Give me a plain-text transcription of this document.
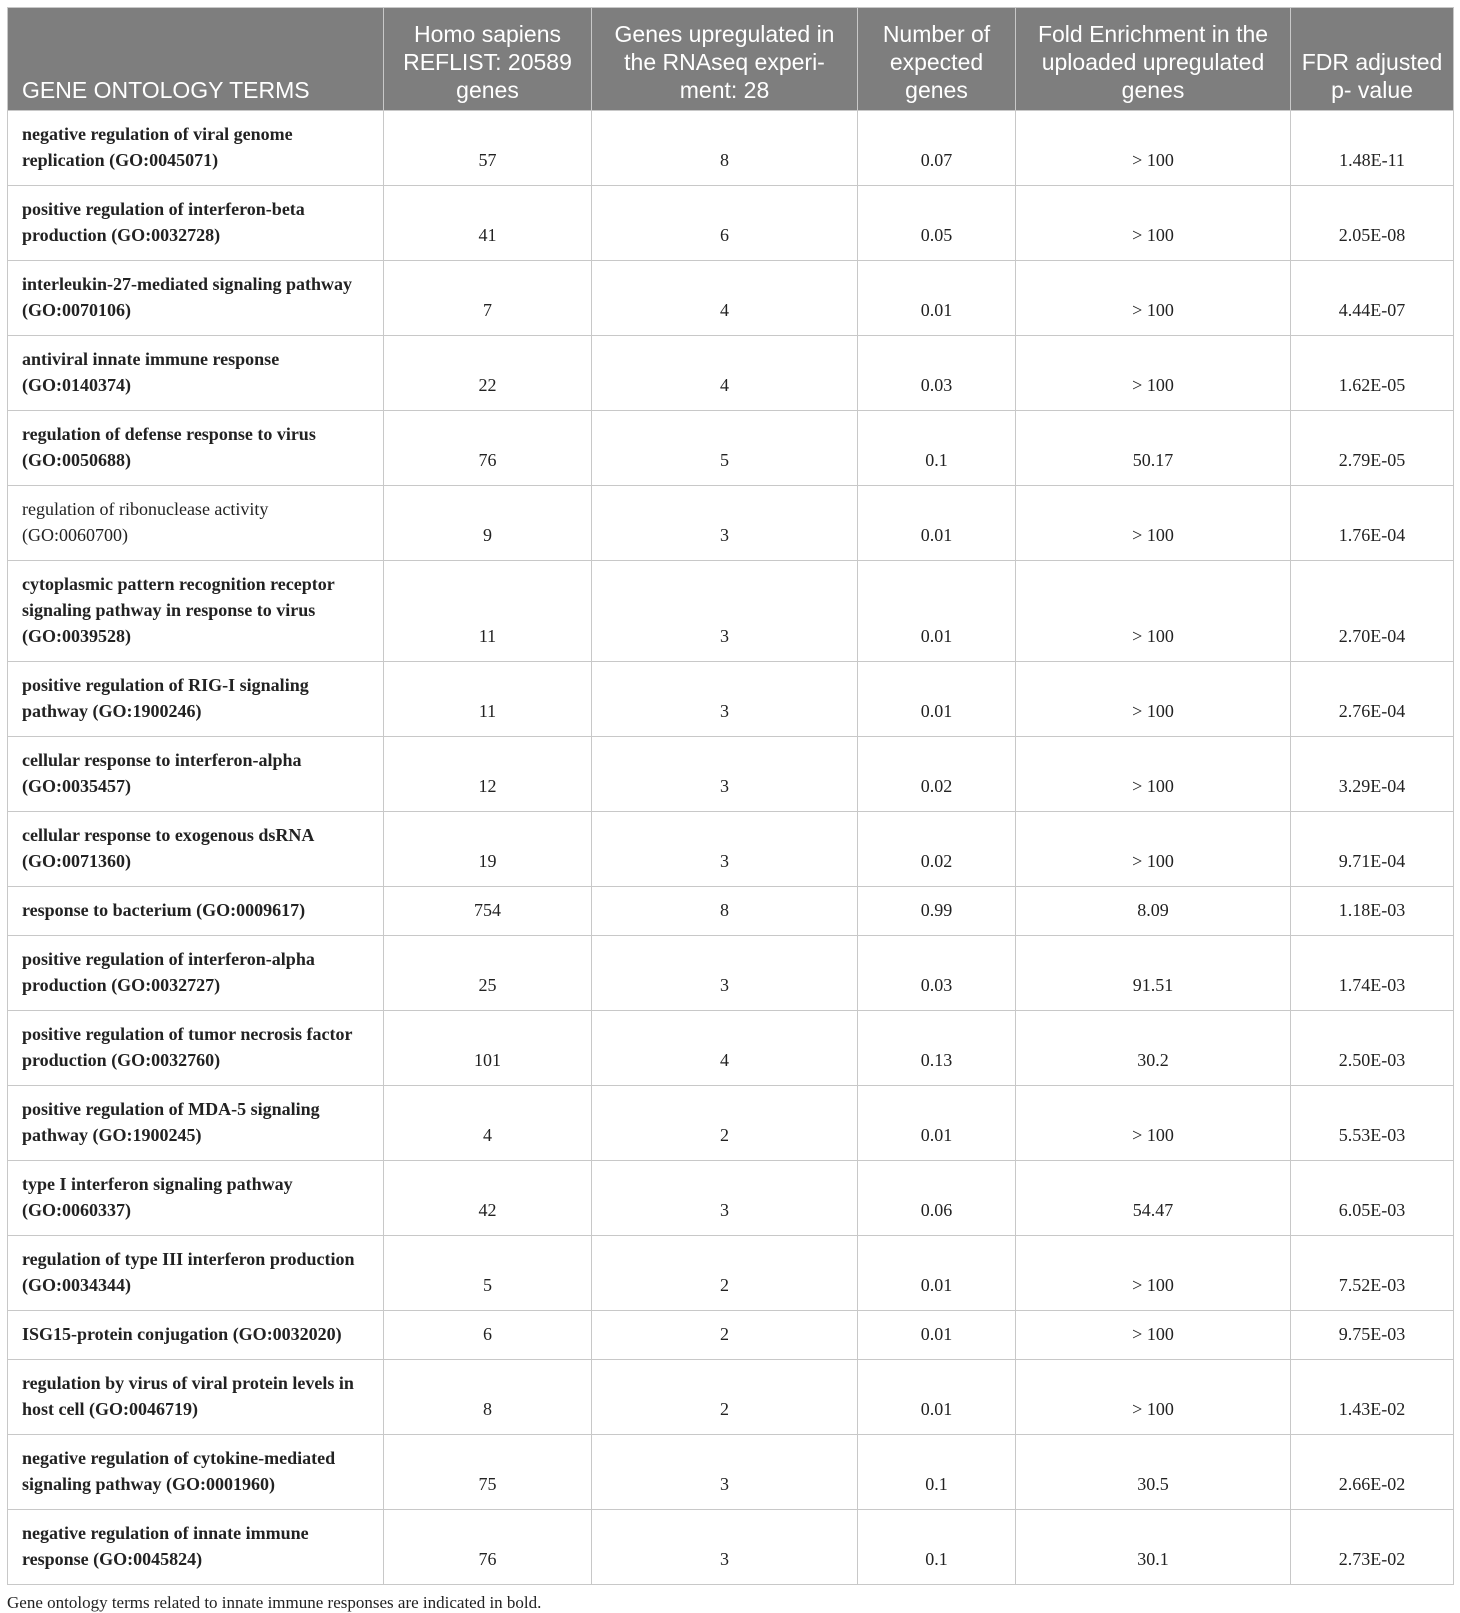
GENE ONTOLOGY TERMS	Homo sapiens REFLIST: 20589 genes	Genes upregulated in the RNAseq experi-ment: 28	Number of expected genes	Fold Enrichment in the uploaded upregulated genes	FDR adjusted p- value
negative regulation of viral genome replication (GO:0045071)	57	8	0.07	> 100	1.48E-11
positive regulation of interferon-beta production (GO:0032728)	41	6	0.05	> 100	2.05E-08
interleukin-27-mediated signaling pathway (GO:0070106)	7	4	0.01	> 100	4.44E-07
antiviral innate immune response (GO:0140374)	22	4	0.03	> 100	1.62E-05
regulation of defense response to virus (GO:0050688)	76	5	0.1	50.17	2.79E-05
regulation of ribonuclease activity (GO:0060700)	9	3	0.01	> 100	1.76E-04
cytoplasmic pattern recognition receptor signaling pathway in response to virus (GO:0039528)	11	3	0.01	> 100	2.70E-04
positive regulation of RIG-I signaling pathway (GO:1900246)	11	3	0.01	> 100	2.76E-04
cellular response to interferon-alpha (GO:0035457)	12	3	0.02	> 100	3.29E-04
cellular response to exogenous dsRNA (GO:0071360)	19	3	0.02	> 100	9.71E-04
response to bacterium (GO:0009617)	754	8	0.99	8.09	1.18E-03
positive regulation of interferon-alpha production (GO:0032727)	25	3	0.03	91.51	1.74E-03
positive regulation of tumor necrosis factor production (GO:0032760)	101	4	0.13	30.2	2.50E-03
positive regulation of MDA-5 signaling pathway (GO:1900245)	4	2	0.01	> 100	5.53E-03
type I interferon signaling pathway (GO:0060337)	42	3	0.06	54.47	6.05E-03
regulation of type III interferon production (GO:0034344)	5	2	0.01	> 100	7.52E-03
ISG15-protein conjugation (GO:0032020)	6	2	0.01	> 100	9.75E-03
regulation by virus of viral protein levels in host cell (GO:0046719)	8	2	0.01	> 100	1.43E-02
negative regulation of cytokine-mediated signaling pathway (GO:0001960)	75	3	0.1	30.5	2.66E-02
negative regulation of innate immune response (GO:0045824)	76	3	0.1	30.1	2.73E-02
Gene ontology terms related to innate immune responses are indicated in bold.
